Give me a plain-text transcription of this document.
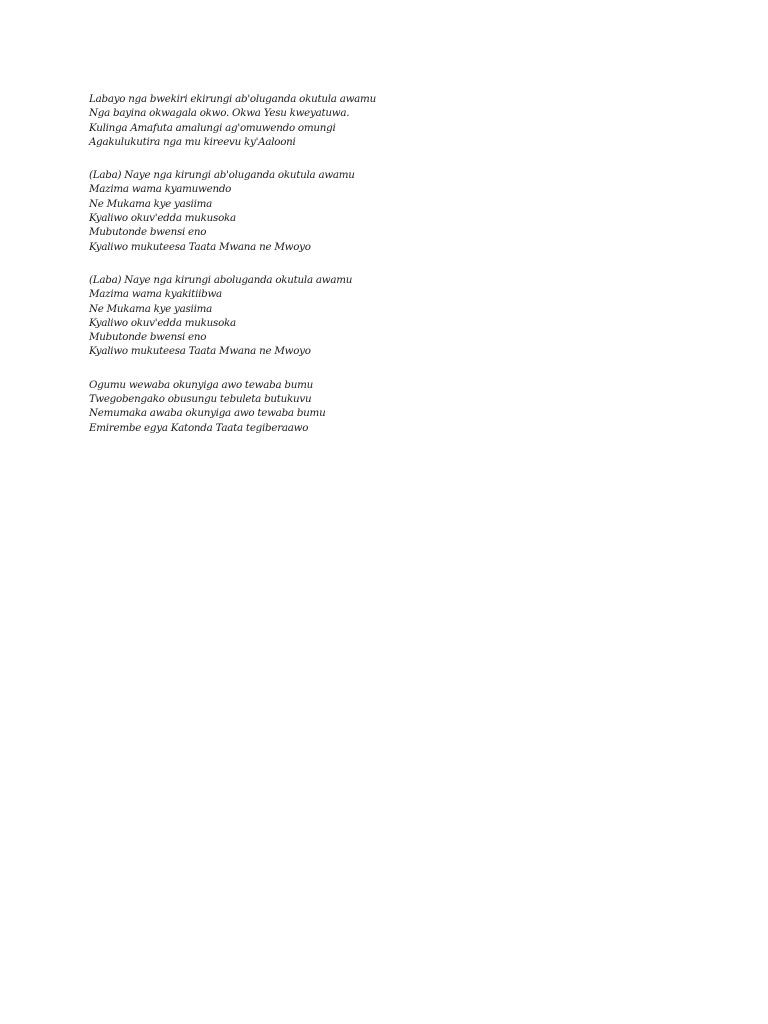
Labayo nga bwekiri ekirungi ab'oluganda okutula awamu
Nga bayina okwagala okwo. Okwa Yesu kweyatuwa.
Kulinga Amafuta amalungi ag'omuwendo omungi
Agakulukutira nga mu kireevu ky'Aalooni
(Laba) Naye nga kirungi ab'oluganda okutula awamu
Mazima wama kyamuwendo
Ne Mukama kye yasiima
Kyaliwo okuv'edda mukusoka
Mubutonde bwensi eno
Kyaliwo mukuteesa Taata Mwana ne Mwoyo
(Laba) Naye nga kirungi aboluganda okutula awamu
Mazima wama kyakitiibwa
Ne Mukama kye yasiima
Kyaliwo okuv'edda mukusoka
Mubutonde bwensi eno
Kyaliwo mukuteesa Taata Mwana ne Mwoyo
Ogumu wewaba okunyiga awo tewaba bumu
Twegobengako obusungu tebuleta butukuvu
Nemumaka awaba okunyiga awo tewaba bumu
Emirembe egya Katonda Taata tegiberaawo
